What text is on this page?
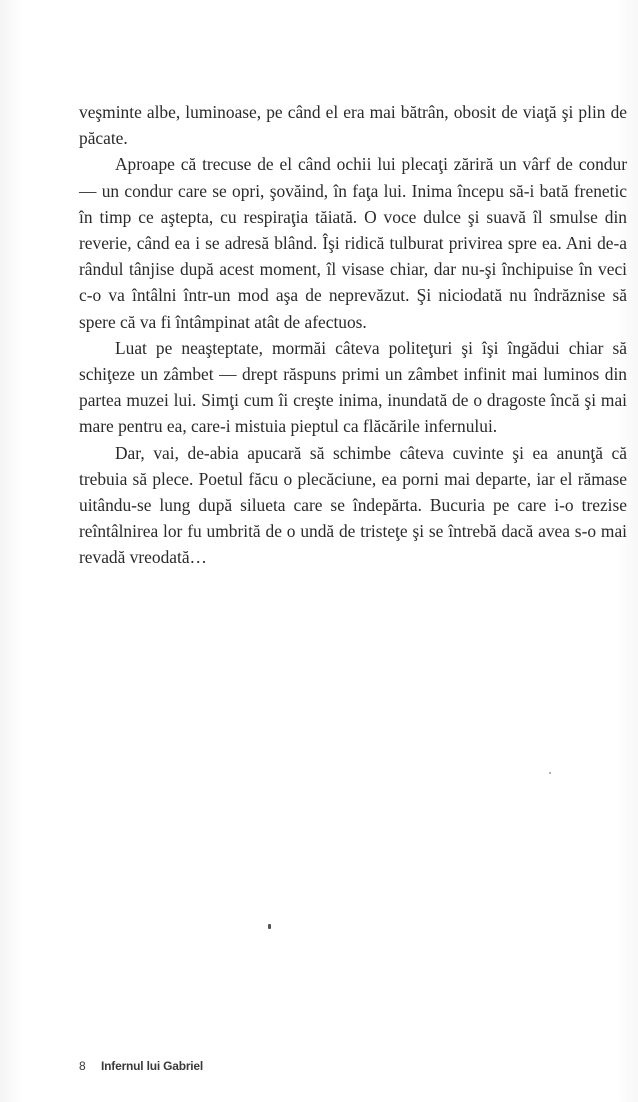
veşminte albe, luminoase, pe când el era mai bătrân, obosit de viaţă şi plin de păcate.

Aproape că trecuse de el când ochii lui plecaţi zăriră un vârf de condur — un condur care se opri, şovăind, în faţa lui. Inima începu să-i bată frenetic în timp ce aştepta, cu respiraţia tăiată. O voce dulce şi suavă îl smulse din reverie, când ea i se adresă blând. Îşi ridică tulburat privirea spre ea. Ani de-a rândul tânjise după acest moment, îl visase chiar, dar nu-şi închipuise în veci c-o va întâlni într-un mod aşa de neprevăzut. Şi niciodată nu îndrăznise să spere că va fi întâmpinat atât de afectuos.

Luat pe neaşteptate, mormăi câteva politeţuri şi îşi îngădui chiar să schiţeze un zâmbet — drept răspuns primi un zâmbet infinit mai luminos din partea muzei lui. Simţi cum îi creşte inima, inundată de o dragoste încă şi mai mare pentru ea, care-i mistuia pieptul ca flăcările infernului.

Dar, vai, de-abia apucară să schimbe câteva cuvinte şi ea anunţă că trebuia să plece. Poetul făcu o plecăciune, ea porni mai departe, iar el rămase uitându-se lung după silueta care se îndepărta. Bucuria pe care i-o trezise reîntâlnirea lor fu umbrită de o undă de tristeţe şi se întrebă dacă avea s-o mai revadă vreodată…

8 Infernul lui Gabriel
